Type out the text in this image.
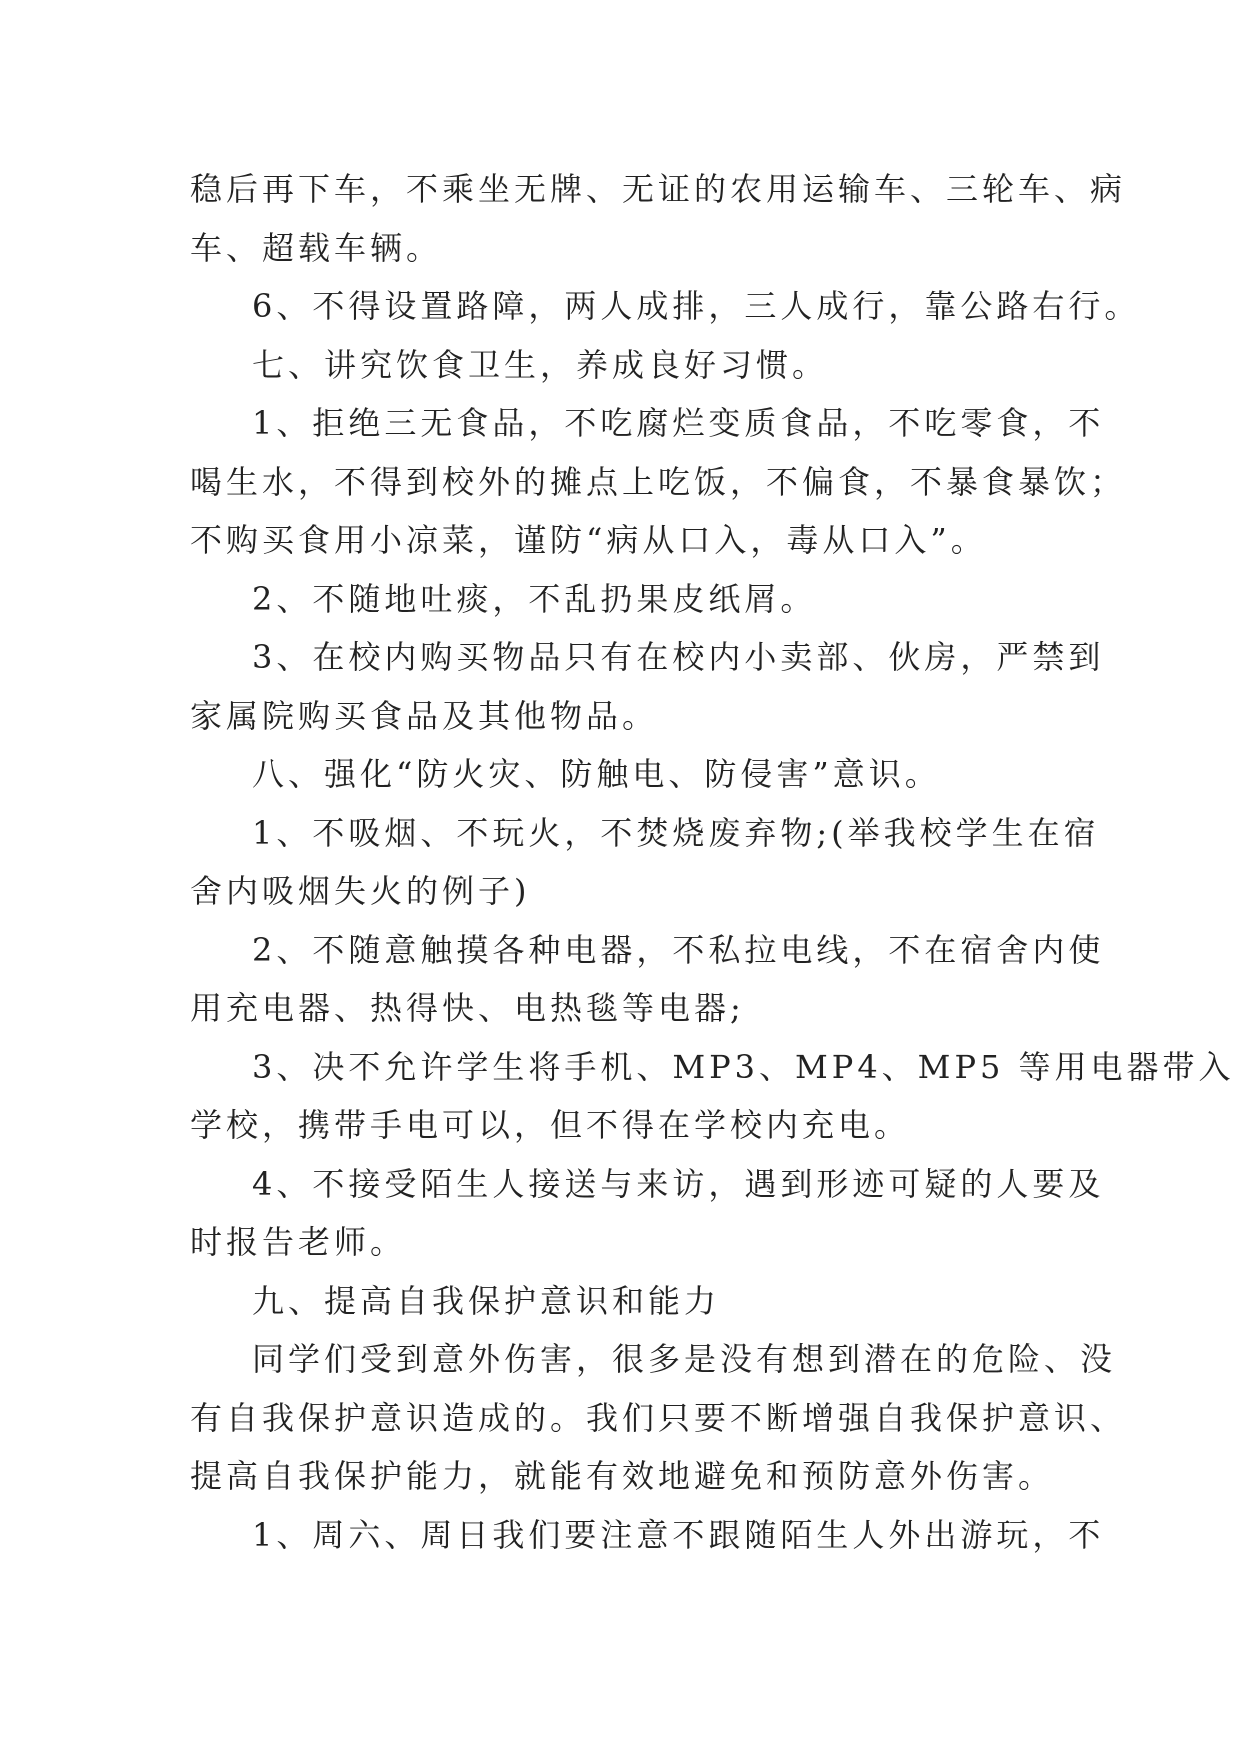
稳后再下车，不乘坐无牌、无证的农用运输车、三轮车、病
车、超载车辆。
6、不得设置路障，两人成排，三人成行，靠公路右行。
七、讲究饮食卫生，养成良好习惯。
1、拒绝三无食品，不吃腐烂变质食品，不吃零食，不
喝生水，不得到校外的摊点上吃饭，不偏食，不暴食暴饮；
不购买食用小凉菜，谨防“病从口入，毒从口入”。
2、不随地吐痰，不乱扔果皮纸屑。
3、在校内购买物品只有在校内小卖部、伙房，严禁到
家属院购买食品及其他物品。
八、强化“防火灾、防触电、防侵害”意识。
1、不吸烟、不玩火，不焚烧废弃物;(举我校学生在宿
舍内吸烟失火的例子)
2、不随意触摸各种电器，不私拉电线，不在宿舍内使
用充电器、热得快、电热毯等电器;
3、决不允许学生将手机、MP3、MP4、MP5 等用电器带入
学校，携带手电可以，但不得在学校内充电。
4、不接受陌生人接送与来访，遇到形迹可疑的人要及
时报告老师。
九、提高自我保护意识和能力
同学们受到意外伤害，很多是没有想到潜在的危险、没
有自我保护意识造成的。我们只要不断增强自我保护意识、
提高自我保护能力，就能有效地避免和预防意外伤害。
1、周六、周日我们要注意不跟随陌生人外出游玩，不
